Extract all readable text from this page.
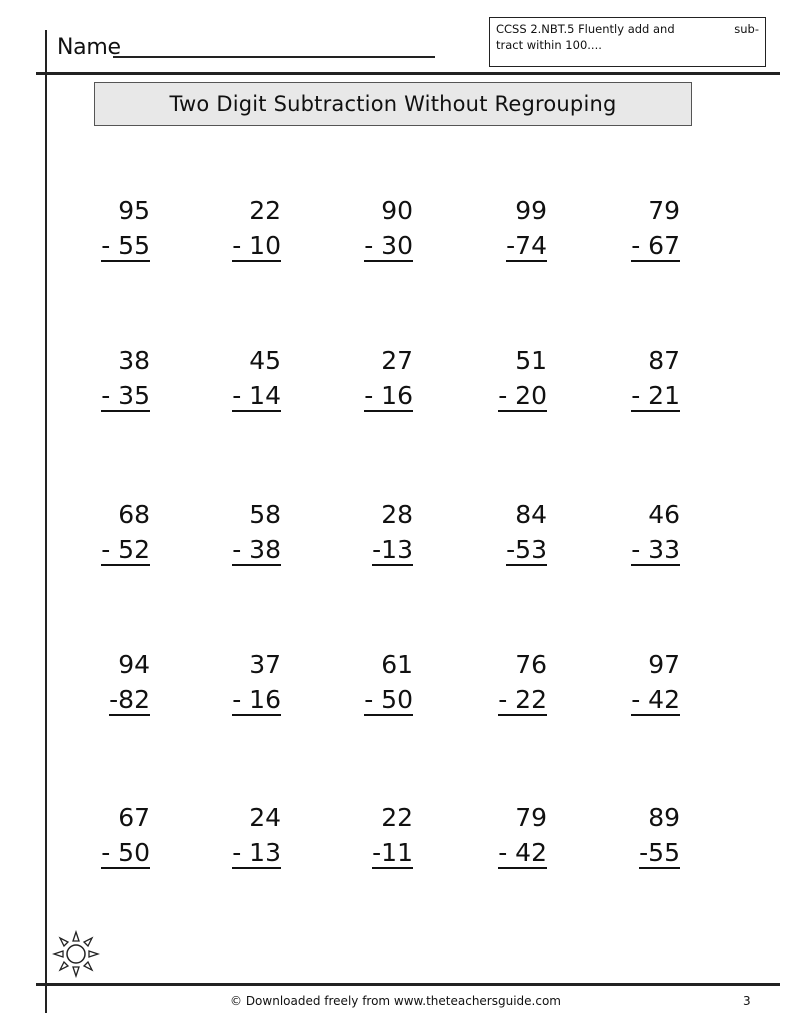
Name
CCSS 2.NBT.5 Fluently add and	sub-
tract within 100....
Two Digit Subtraction Without Regrouping
95
- 55
22
- 10
90
- 30
99
-74
79
- 67
38
- 35
45
- 14
27
- 16
51
- 20
87
- 21
68
- 52
58
- 38
28
-13
84
-53
46
- 33
94
-82
37
- 16
61
- 50
76
- 22
97
- 42
67
- 50
24
- 13
22
-11
79
- 42
89
-55
© Downloaded freely from www.theteachersguide.com	3
